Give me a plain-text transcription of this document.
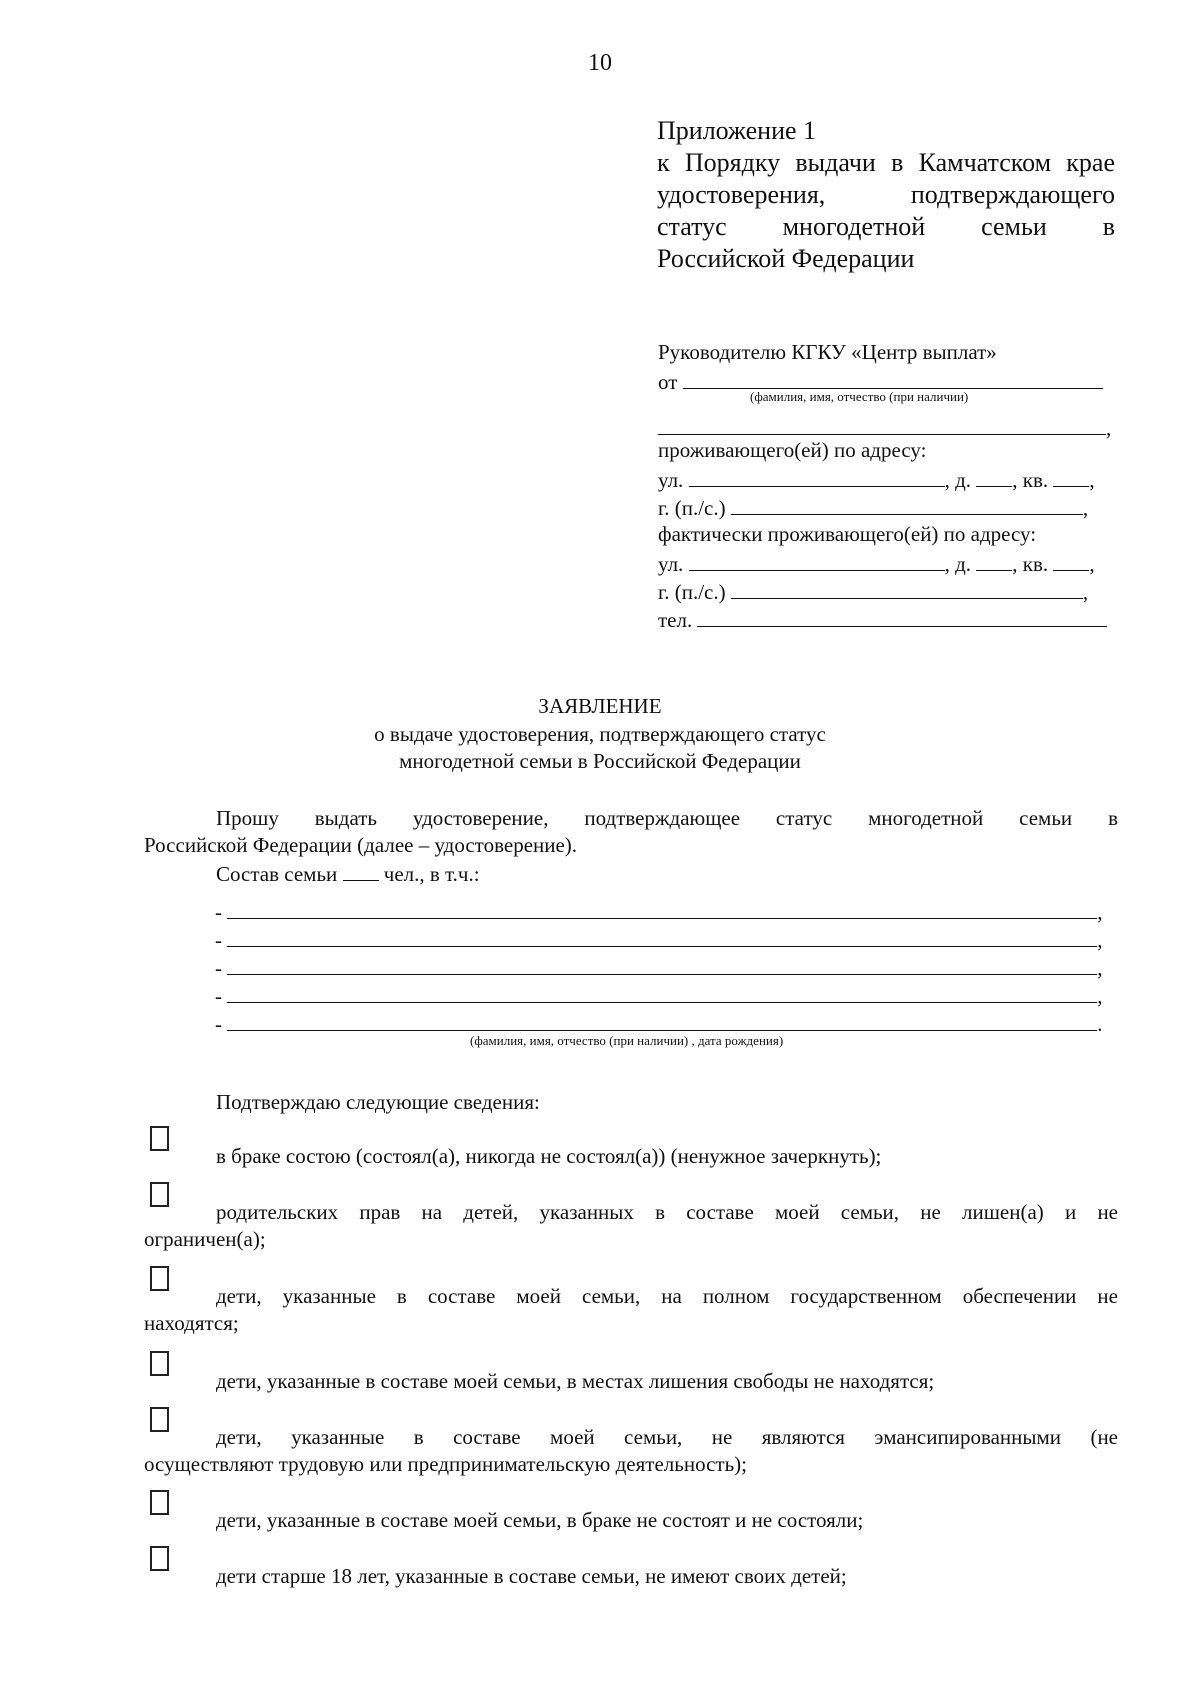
10
Приложение 1
к Порядку выдачи в Камчатском крае
удостоверения, подтверждающего
статус многодетной семьи в
Российской Федерации
Руководителю КГКУ «Центр выплат»
от
(фамилия, имя, отчество (при наличии)
,
проживающего(ей) по адресу:
ул.	, д. , кв. ,
г. (п./с.)	,
фактически проживающего(ей) по адресу:
ул.	, д. , кв. ,
г. (п./с.)	,
тел.
ЗАЯВЛЕНИЕ
о выдаче удостоверения, подтверждающего статус
многодетной семьи в Российской Федерации
Прошу выдать удостоверение, подтверждающее статус многодетной семьи в
Российской Федерации (далее – удостоверение).
Состав семьи чел., в т.ч.:
-	,
-	,
-	,
-	,
-	.
(фамилия, имя, отчество (при наличии) , дата рождения)
Подтверждаю следующие сведения:
в браке состою (состоял(а), никогда не состоял(а)) (ненужное зачеркнуть);
родительских прав на детей, указанных в составе моей семьи, не лишен(а) и не
ограничен(а);
дети, указанные в составе моей семьи, на полном государственном обеспечении не
находятся;
дети, указанные в составе моей семьи, в местах лишения свободы не находятся;
дети, указанные в составе моей семьи, не являются эмансипированными (не
осуществляют трудовую или предпринимательскую деятельность);
дети, указанные в составе моей семьи, в браке не состоят и не состояли;
дети старше 18 лет, указанные в составе семьи, не имеют своих детей;
